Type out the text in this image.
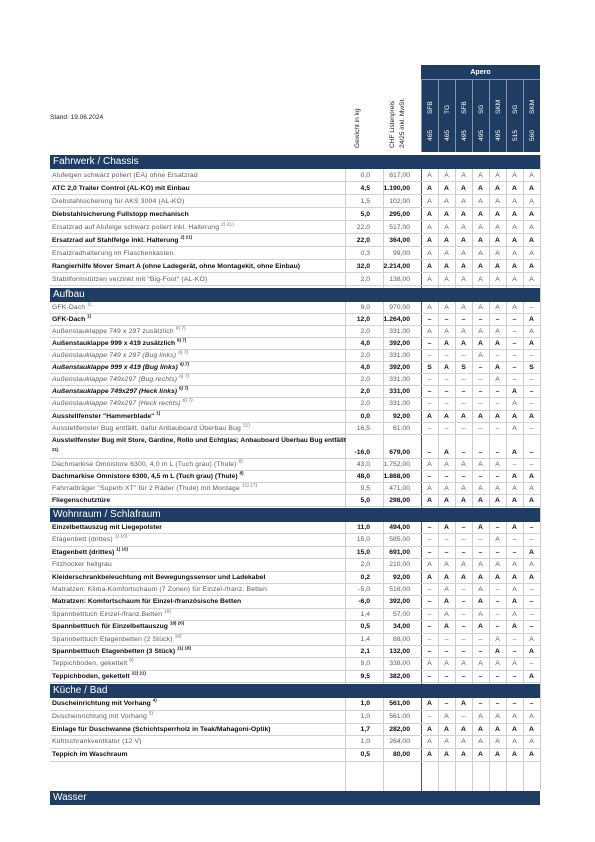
Stand: 19.06.2024	Gewicht in kg	CHF Listenpreis 24/25 inkl. MwSt.
Apero
SFB
465
TG
465
SFB
495
SG
495
SKM
495
SG
515
SKM
560
Fahrwerk / Chassis
Alufelgen schwarz poliert (EA) ohne Ersatzrad	0,0	817,00	A	A	A	A	A	A	A
ATC 2,0 Trailer Control (AL-KO) mit Einbau	4,5 1.190,00	A	A	A	A	A	A	A
Diebstahlsicherung für AKS 3004 (AL-KO)	1,5	102,00	A	A	A	A	A	A	A
Diebstahlsicherung Fullstopp mechanisch	5,0	295,00	A	A	A	A	A	A	A
Ersatzrad auf Alufelge schwarz poliert inkl. Halterung $^{2) 21)}$	22,0	517,00	A	A	A	A	A	A	A
Ersatzrad auf Stahlfelge inkl. Halterung $^{2) 21)}$	22,0	364,00	A	A	A	A	A	A	A
Ersatzradhalterung im Flaschenkasten	0,3	99,00	A	A	A	A	A	A	A
Rangierhilfe Mover Smart A (ohne Ladegerät, ohne Montagekit, ohne Einbau)	32,0 2.214,00	A	A	A	A	A	A	A
Stabilformstützen verzinkt mit "Big-Foot" (AL-KO)	2,0	138,00	A	A	A	A	A	A	A
Aufbau
GFK-Dach $^{1)}$	9,0	970,00	A	A	A	A	A	A	–
GFK-Dach $^{1)}$	12,0 1.264,00	–	–	–	–	–	–	A
Außenstauklappe 749 x 297 zusätzlich $^{6) 7)}$	2,0	331,00	A	A	A	A	A	–	A
Außenstauklappe 999 x 419 zusätzlich $^{6) 7)}$	4,0	392,00	–	A	A	A	A	–	A
Außenstauklappe 749 x 297 (Bug links) $^{6) 7)}$	2,0	331,00	–	–	–	A	–	–	–
Außenstauklappe 999 x 419 (Bug links) $^{6) 7)}$	4,0	392,00	S	A	S	–	A	–	S
Außenstauklappe 749x297 (Bug rechts) $^{6) 7)}$	2,0	331,00	–	–	–	–	A	–	–
Außenstauklappe 749x297 (Heck links) $^{6) 7)}$	2,0	331,00	–	–	–	–	–	A	–
Außenstauklappe 749x297 (Heck rechts) $^{6) 7)}$	2,0	331,00	–	–	–	–	–	A	–
Ausstellfenster "Hammerblade" $^{1)}$	0,0	92,00	A	A	A	A	A	A	A
Ausstellfenster Bug entfällt, dafür Anbauboard Überbau Bug $^{21)}$	16,5	61,00	–	–	–	–	–	A	–
Ausstellfenster Bug mit Store, Gardine, Rollo und Echtglas; Anbauboard Überbau Bug entfällt $^{21)}$	-16,0	679,00	–	A	–	–	–	A	–
Dachmarkise Omnistore 6300, 4,0 m L (Tuch grau) (Thule) $^{8)}$	43,0 1.752,00	A	A	A	A	A	–	–
Dachmarkise Omnistore 6300, 4,5 m L (Tuch grau) (Thule) $^{8)}$	48,0 1.868,00	–	–	–	–	–	A	A
Fahrradträger "Superb XT" für 2 Räder (Thule) mit Montage $^{21) 17)}$	9,5	471,00	A	A	A	A	A	A	A
Fliegenschutztüre	5,0	298,00	A	A	A	A	A	A	A
Wohnraum / Schlafraum
Einzelbettauszug mit Liegepolster	11,0	494,00	–	A	–	A	–	A	–
Etagenbett (drittes) $^{1) 10)}$	15,0	585,00	–	–	–	–	A	–	–
Etagenbett (drittes) $^{1) 10)}$	15,0	691,00	–	–	–	–	–	–	A
Filzhocker hellgrau	2,0	210,00	A	A	A	A	A	A	A
Kleiderschrankbeleuchtung mit Bewegungssensor und Ladekabel	0,2	92,00	A	A	A	A	A	A	A
Matratzen: Klima-Komfortschaum (7 Zonen) für Einzel-/franz. Betten	-5,0	516,00	–	A	–	A	–	A	–
Matratzen: Komfortschaum für Einzel-/französische Betten	-6,0	392,00	–	A	–	A	–	A	–
Spannbetttuch Einzel-/franz.Betten $^{18)}$	1,4	57,00	–	A	–	A	–	A	–
Spannbetttuch für Einzelbettauszug $^{18) 20)}$	0,5	34,00	–	A	–	A	–	A	–
Spannbetttuch Etagenbetten (2 Stück) $^{18)}$	1,4	88,00	–	–	–	–	A	–	A
Spannbetttuch Etagenbetten (3 Stück) $^{11) 18)}$	2,1	132,00	–	–	–	–	A	–	A
Teppichboden, gekettelt $^{9)}$	9,0	338,00	A	A	A	A	A	A	–
Teppichboden, gekettelt $^{22) 21)}$	9,5	382,00	–	–	–	–	–	–	A
Küche / Bad
Duscheinrichtung mit Vorhang $^{4)}$	1,0	561,00	A	–	A	–	–	–	–
Duscheinrichtung mit Vorhang $^{5)}$	1,0	561,00	–	A	–	A	A	A	A
Einlage für Duschwanne (Schichtsperrholz in Teak/Mahagoni-Optik)	1,7	282,00	A	A	A	A	A	A	A
Kühlschrankventilator (12 V)	1,0	264,00	A	A	A	A	A	A	A
Teppich im Waschraum	0,5	80,00	A	A	A	A	A	A	A
Wasser
